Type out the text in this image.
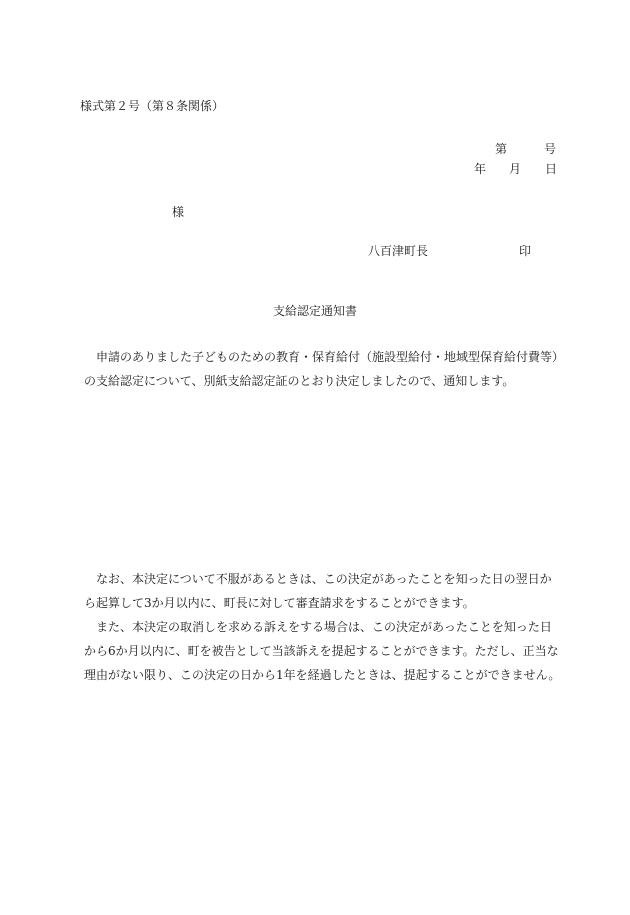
様式第２号（第８条関係）
第	号
年 月 日
様
八百津町長	印
支給認定通知書

申請のありました子どものための教育・保育給付（施設型給付・地域型保育給付費等）

の支給認定について、別紙支給認定証のとおり決定しましたので、通知します。

なお、本決定について不服があるときは、この決定があったことを知った日の翌日か

ら起算して3か月以内に、町長に対して審査請求をすることができます。

また、本決定の取消しを求める訴えをする場合は、この決定があったことを知った日

から6か月以内に、町を被告として当該訴えを提起することができます。ただし、正当な

理由がない限り、この決定の日から1年を経過したときは、提起することができません。
